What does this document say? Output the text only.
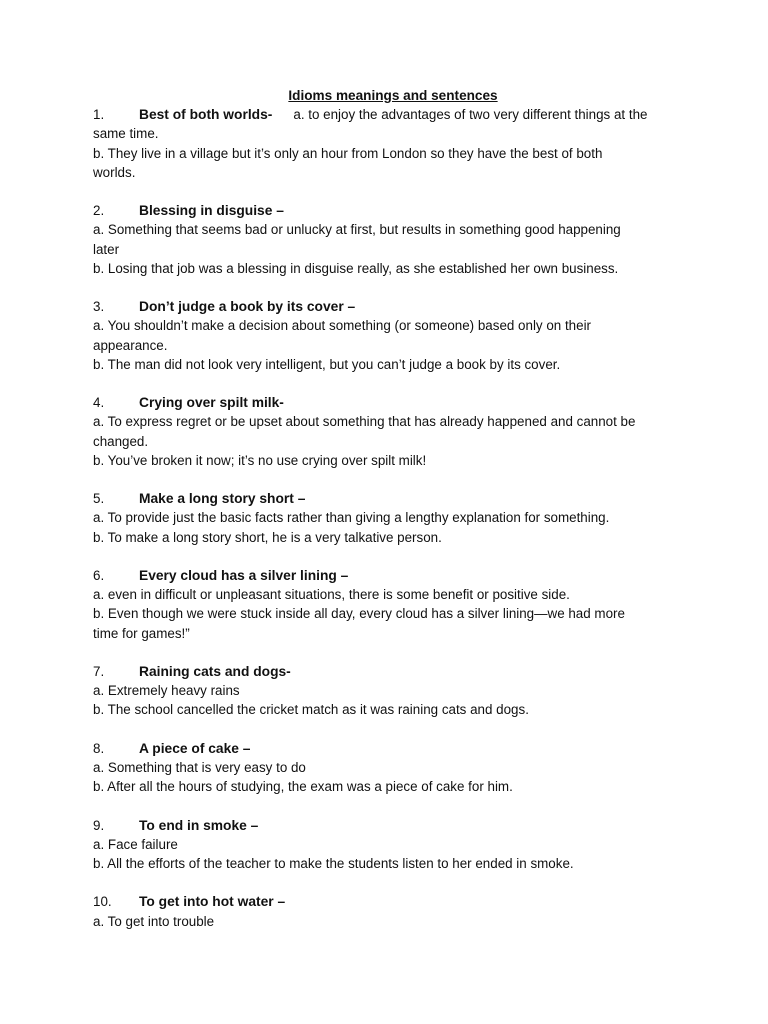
Idioms meanings and sentences

1.	Best of both worlds-	a. to enjoy the advantages of two very different things at the

same time.

b. They live in a village but it’s only an hour from London so they have the best of both

worlds.

2.	Blessing in disguise –

a. Something that seems bad or unlucky at first, but results in something good happening

later

b. Losing that job was a blessing in disguise really, as she established her own business.

3.	Don’t judge a book by its cover –

a. You shouldn’t make a decision about something (or someone) based only on their

appearance.

b. The man did not look very intelligent, but you can’t judge a book by its cover.

4.	Crying over spilt milk-

a. To express regret or be upset about something that has already happened and cannot be

changed.

b. You’ve broken it now; it’s no use crying over spilt milk!

5.	Make a long story short –

a. To provide just the basic facts rather than giving a lengthy explanation for something.

b. To make a long story short, he is a very talkative person.

6.	Every cloud has a silver lining –

a. even in difficult or unpleasant situations, there is some benefit or positive side.

b. Even though we were stuck inside all day, every cloud has a silver lining—we had more

time for games!”

7.	Raining cats and dogs-

a. Extremely heavy rains

b. The school cancelled the cricket match as it was raining cats and dogs.

8.	A piece of cake –

a. Something that is very easy to do

b. After all the hours of studying, the exam was a piece of cake for him.

9.	To end in smoke –

a. Face failure

b. All the efforts of the teacher to make the students listen to her ended in smoke.

10.	To get into hot water –

a. To get into trouble
